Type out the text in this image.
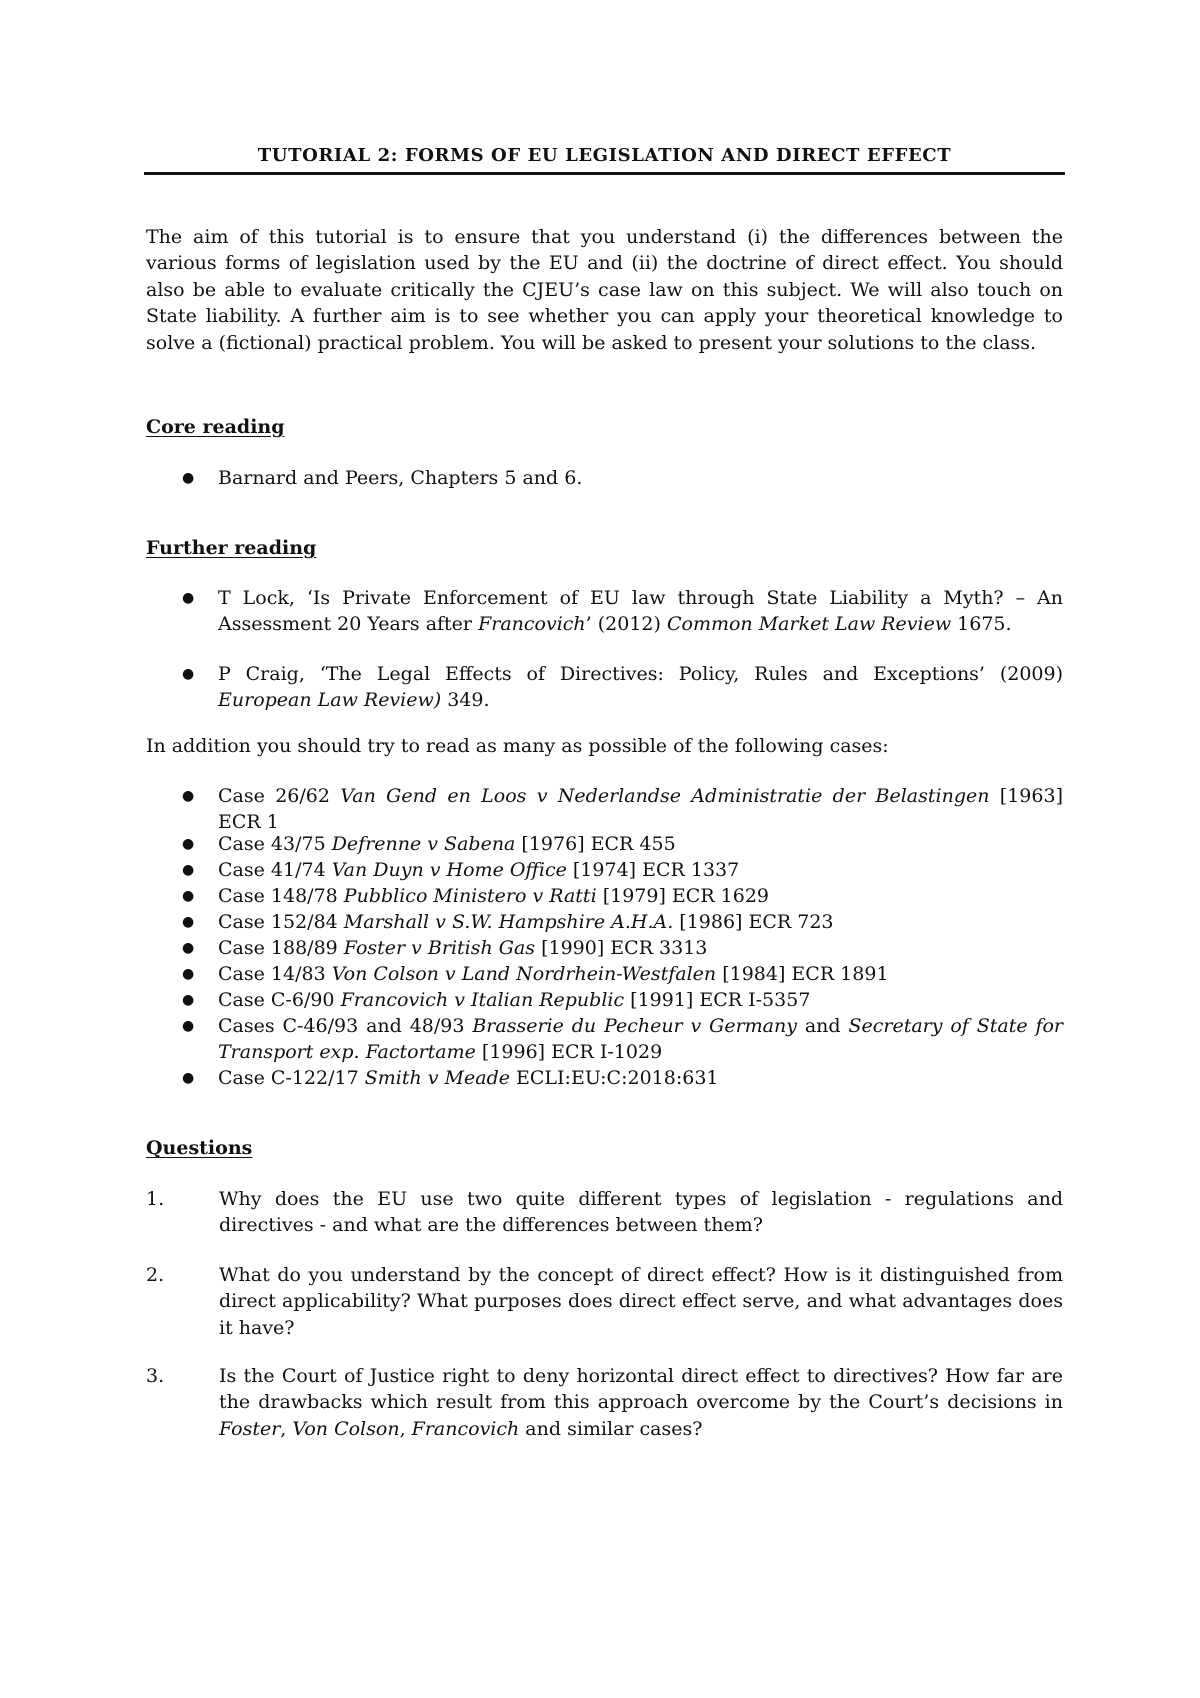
TUTORIAL 2: FORMS OF EU LEGISLATION AND DIRECT EFFECT
The aim of this tutorial is to ensure that you understand (i) the differences between the various forms of legislation used by the EU and (ii) the doctrine of direct effect. You should also be able to evaluate critically the CJEU’s case law on this subject. We will also touch on State liability. A further aim is to see whether you can apply your theoretical knowledge to solve a (fictional) practical problem. You will be asked to present your solutions to the class.
Core reading
●	Barnard and Peers, Chapters 5 and 6.
Further reading
●	T Lock, ‘Is Private Enforcement of EU law through State Liability a Myth? – An Assessment 20 Years after Francovich’ (2012) Common Market Law Review 1675.
●	P Craig, ‘The Legal Effects of Directives: Policy, Rules and Exceptions’ (2009) European Law Review) 349.
In addition you should try to read as many as possible of the following cases:
●	Case 26/62 Van Gend en Loos v Nederlandse Administratie der Belastingen [1963] ECR 1
●	Case 43/75 Defrenne v Sabena [1976] ECR 455
●	Case 41/74 Van Duyn v Home Office [1974] ECR 1337
●	Case 148/78 Pubblico Ministero v Ratti [1979] ECR 1629
●	Case 152/84 Marshall v S.W. Hampshire A.H.A. [1986] ECR 723
●	Case 188/89 Foster v British Gas [1990] ECR 3313
●	Case 14/83 Von Colson v Land Nordrhein-Westfalen [1984] ECR 1891
●	Case C-6/90 Francovich v Italian Republic [1991] ECR I-5357
●	Cases C-46/93 and 48/93 Brasserie du Pecheur v Germany and Secretary of State for Transport exp. Factortame [1996] ECR I-1029
●	Case C-122/17 Smith v Meade ECLI:EU:C:2018:631
Questions
1.	Why does the EU use two quite different types of legislation - regulations and directives - and what are the differences between them?
2.	What do you understand by the concept of direct effect? How is it distinguished from direct applicability? What purposes does direct effect serve, and what advantages does it have?
3.	Is the Court of Justice right to deny horizontal direct effect to directives? How far are the drawbacks which result from this approach overcome by the Court’s decisions in Foster, Von Colson, Francovich and similar cases?
